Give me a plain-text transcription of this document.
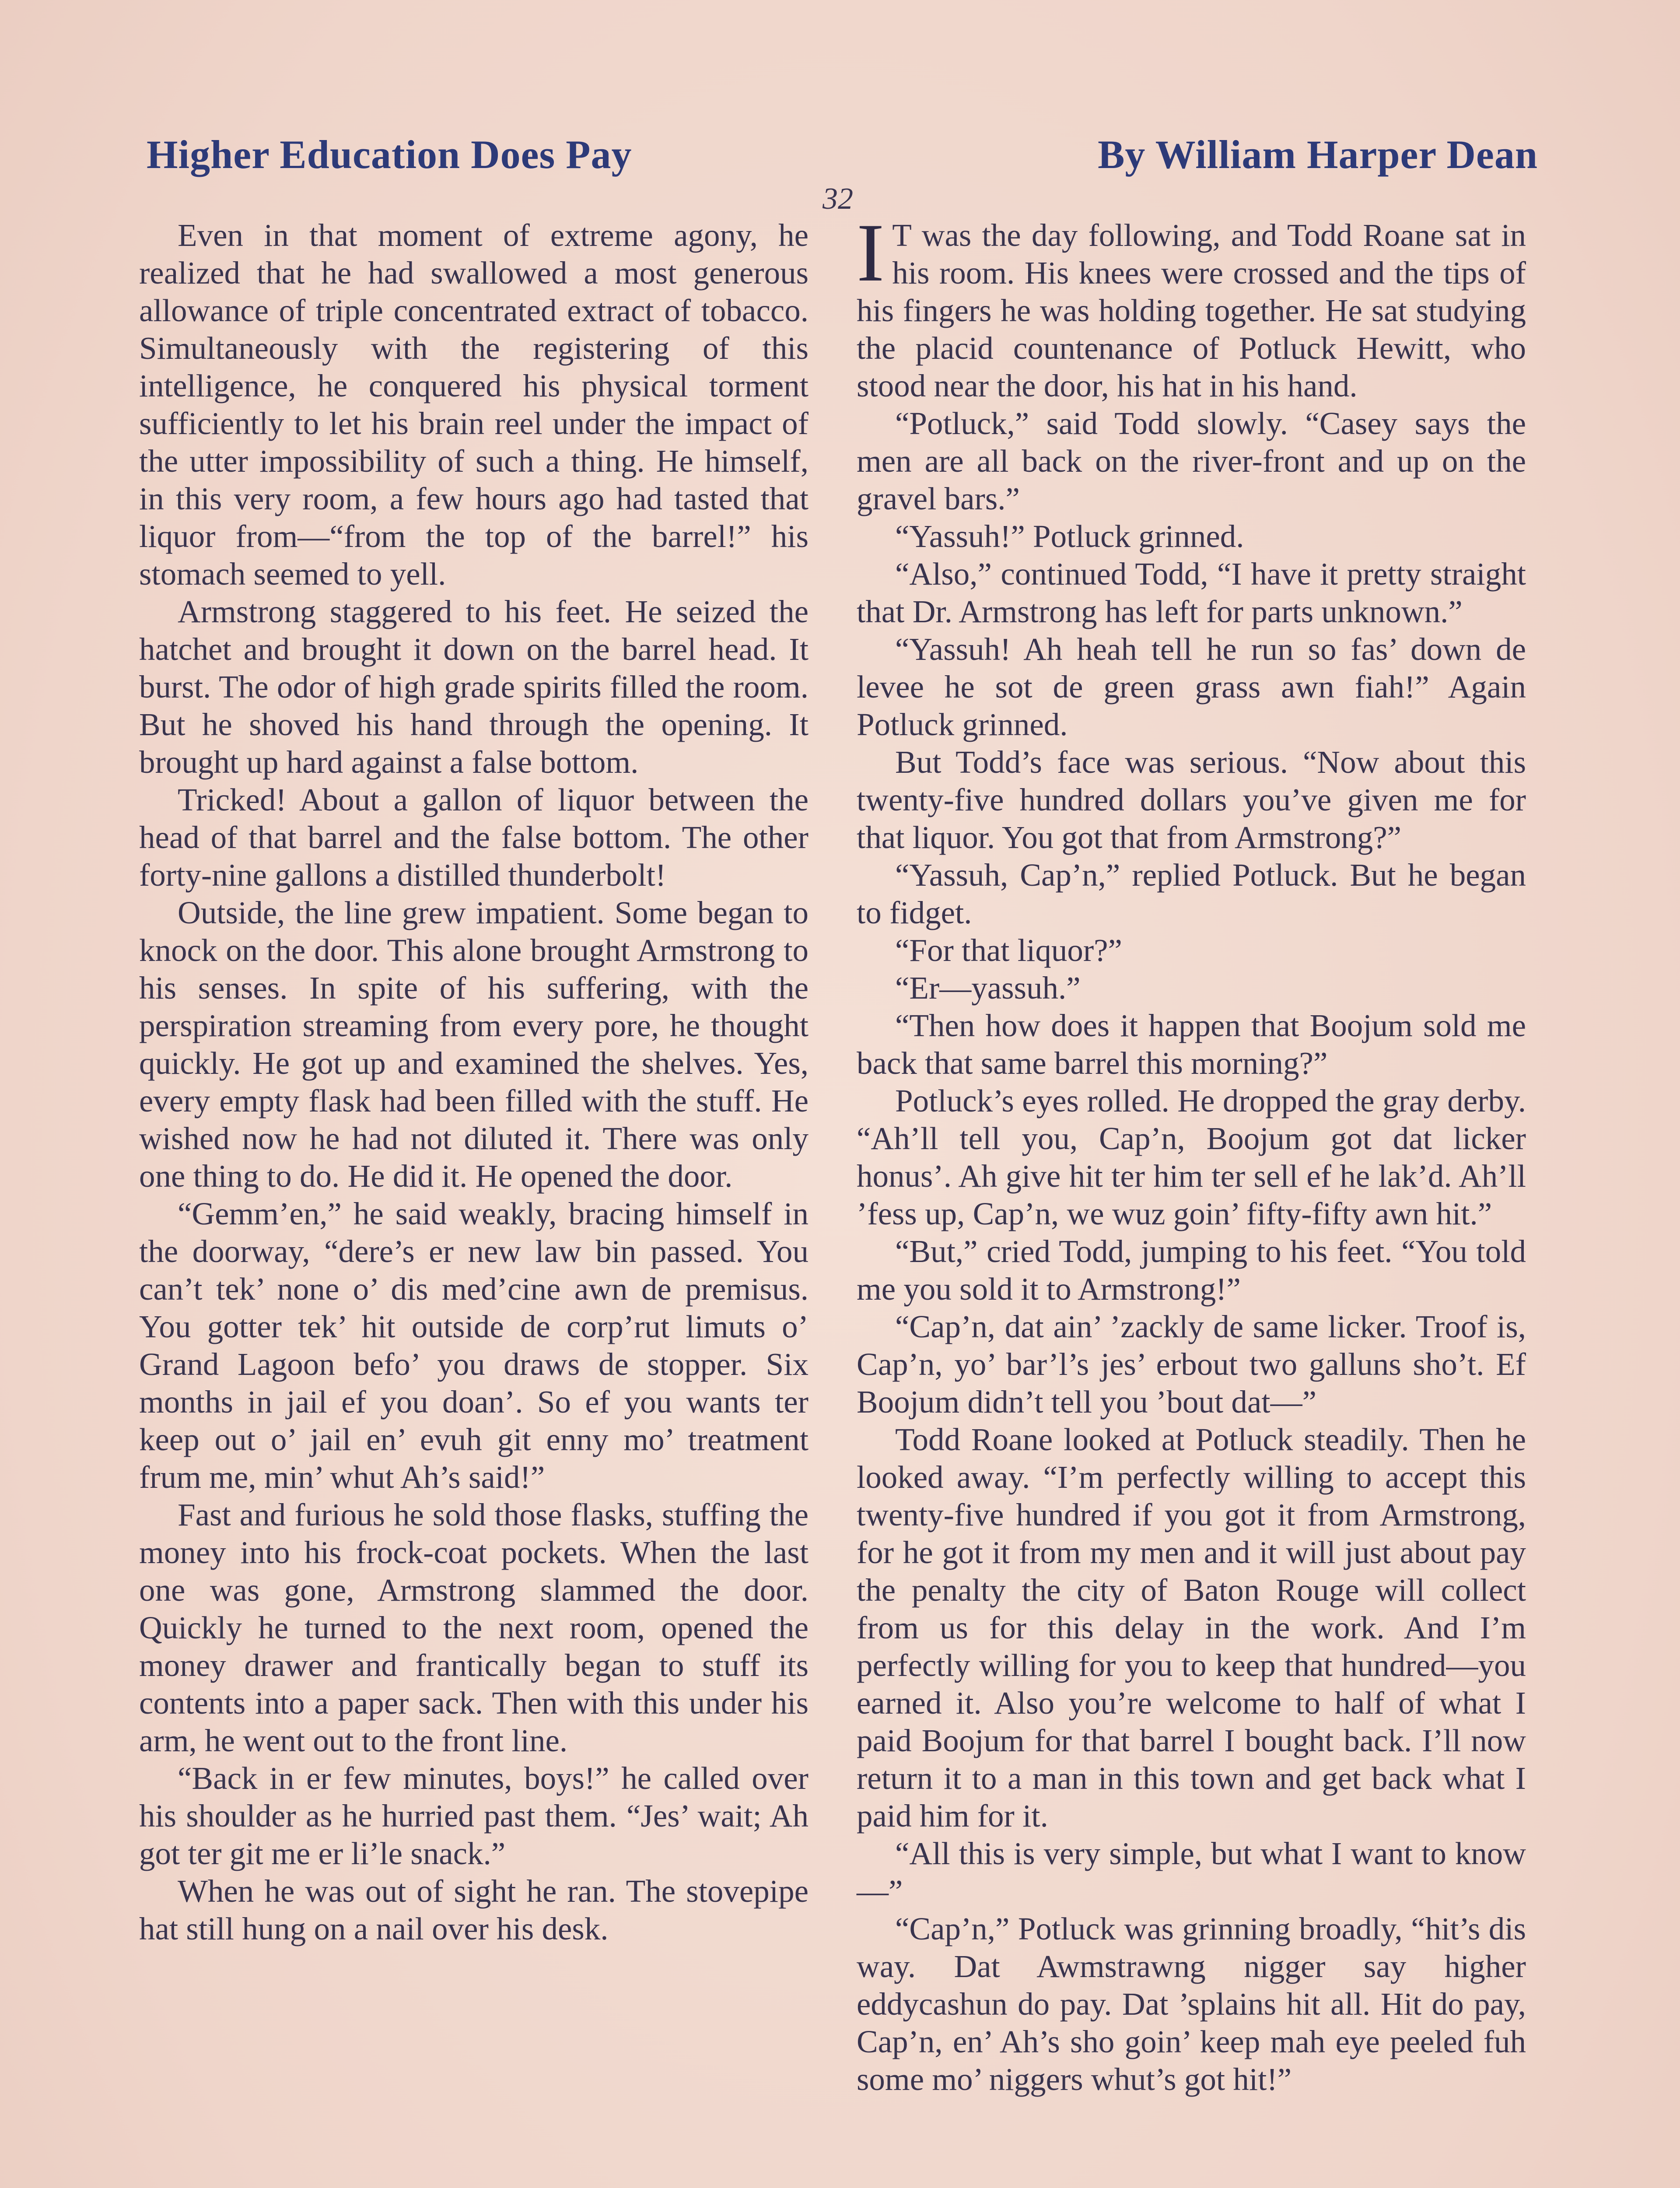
Higher Education Does Pay	By William Harper Dean
32

Even in that moment of extreme agony, he realized that he had swallowed a most generous allowance of triple concentrated extract of tobacco. Simultaneously with the registering of this intelligence, he conquered his physical torment sufficiently to let his brain reel under the impact of the utter impossibility of such a thing. He himself, in this very room, a few hours ago had tasted that liquor from—“from the top of the barrel!” his stomach seemed to yell.

Armstrong staggered to his feet. He seized the hatchet and brought it down on the barrel head. It burst. The odor of high grade spirits filled the room. But he shoved his hand through the opening. It brought up hard against a false bottom.

Tricked! About a gallon of liquor between the head of that barrel and the false bottom. The other forty-nine gallons a distilled thunderbolt!

Outside, the line grew impatient. Some began to knock on the door. This alone brought Armstrong to his senses. In spite of his suffering, with the perspiration streaming from every pore, he thought quickly. He got up and examined the shelves. Yes, every empty flask had been filled with the stuff. He wished now he had not diluted it. There was only one thing to do. He did it. He opened the door.

“Gemm’en,” he said weakly, bracing himself in the doorway, “dere’s er new law bin passed. You can’t tek’ none o’ dis med’cine awn de premisus. You gotter tek’ hit outside de corp’rut limuts o’ Grand Lagoon befo’ you draws de stopper. Six months in jail ef you doan’. So ef you wants ter keep out o’ jail en’ evuh git enny mo’ treatment frum me, min’ whut Ah’s said!”

Fast and furious he sold those flasks, stuffing the money into his frock-coat pockets. When the last one was gone, Armstrong slammed the door. Quickly he turned to the next room, opened the money drawer and frantically began to stuff its contents into a paper sack. Then with this under his arm, he went out to the front line.

“Back in er few minutes, boys!” he called over his shoulder as he hurried past them. “Jes’ wait; Ah got ter git me er li’le snack.”

When he was out of sight he ran. The stovepipe hat still hung on a nail over his desk.

I T was the day following, and Todd Roane sat in his room. His knees were crossed and the tips of his fingers he was holding together. He sat studying the placid countenance of Potluck Hewitt, who stood near the door, his hat in his hand.

“Potluck,” said Todd slowly. “Casey says the men are all back on the river-front and up on the gravel bars.”

“Yassuh!” Potluck grinned.

“Also,” continued Todd, “I have it pretty straight that Dr. Armstrong has left for parts unknown.”

“Yassuh! Ah heah tell he run so fas’ down de levee he sot de green grass awn fiah!” Again Potluck grinned.

But Todd’s face was serious. “Now about this twenty-five hundred dollars you’ve given me for that liquor. You got that from Armstrong?”

“Yassuh, Cap’n,” replied Potluck. But he began to fidget.

“For that liquor?”

“Er—yassuh.”

“Then how does it happen that Boojum sold me back that same barrel this morning?”

Potluck’s eyes rolled. He dropped the gray derby. “Ah’ll tell you, Cap’n, Boojum got dat licker honus’. Ah give hit ter him ter sell ef he lak’d. Ah’ll ’fess up, Cap’n, we wuz goin’ fifty-fifty awn hit.”

“But,” cried Todd, jumping to his feet. “You told me you sold it to Armstrong!”

“Cap’n, dat ain’ ’zackly de same licker. Troof is, Cap’n, yo’ bar’l’s jes’ erbout two galluns sho’t. Ef Boojum didn’t tell you ’bout dat—”

Todd Roane looked at Potluck steadily. Then he looked away. “I’m perfectly willing to accept this twenty-five hundred if you got it from Armstrong, for he got it from my men and it will just about pay the penalty the city of Baton Rouge will collect from us for this delay in the work. And I’m perfectly willing for you to keep that hundred—you earned it. Also you’re welcome to half of what I paid Boojum for that barrel I bought back. I’ll now return it to a man in this town and get back what I paid him for it.

“All this is very simple, but what I want to know—”

“Cap’n,” Potluck was grinning broadly, “hit’s dis way. Dat Awmstrawng nigger say higher eddycashun do pay. Dat ’splains hit all. Hit do pay, Cap’n, en’ Ah’s sho goin’ keep mah eye peeled fuh some mo’ niggers whut’s got hit!”
